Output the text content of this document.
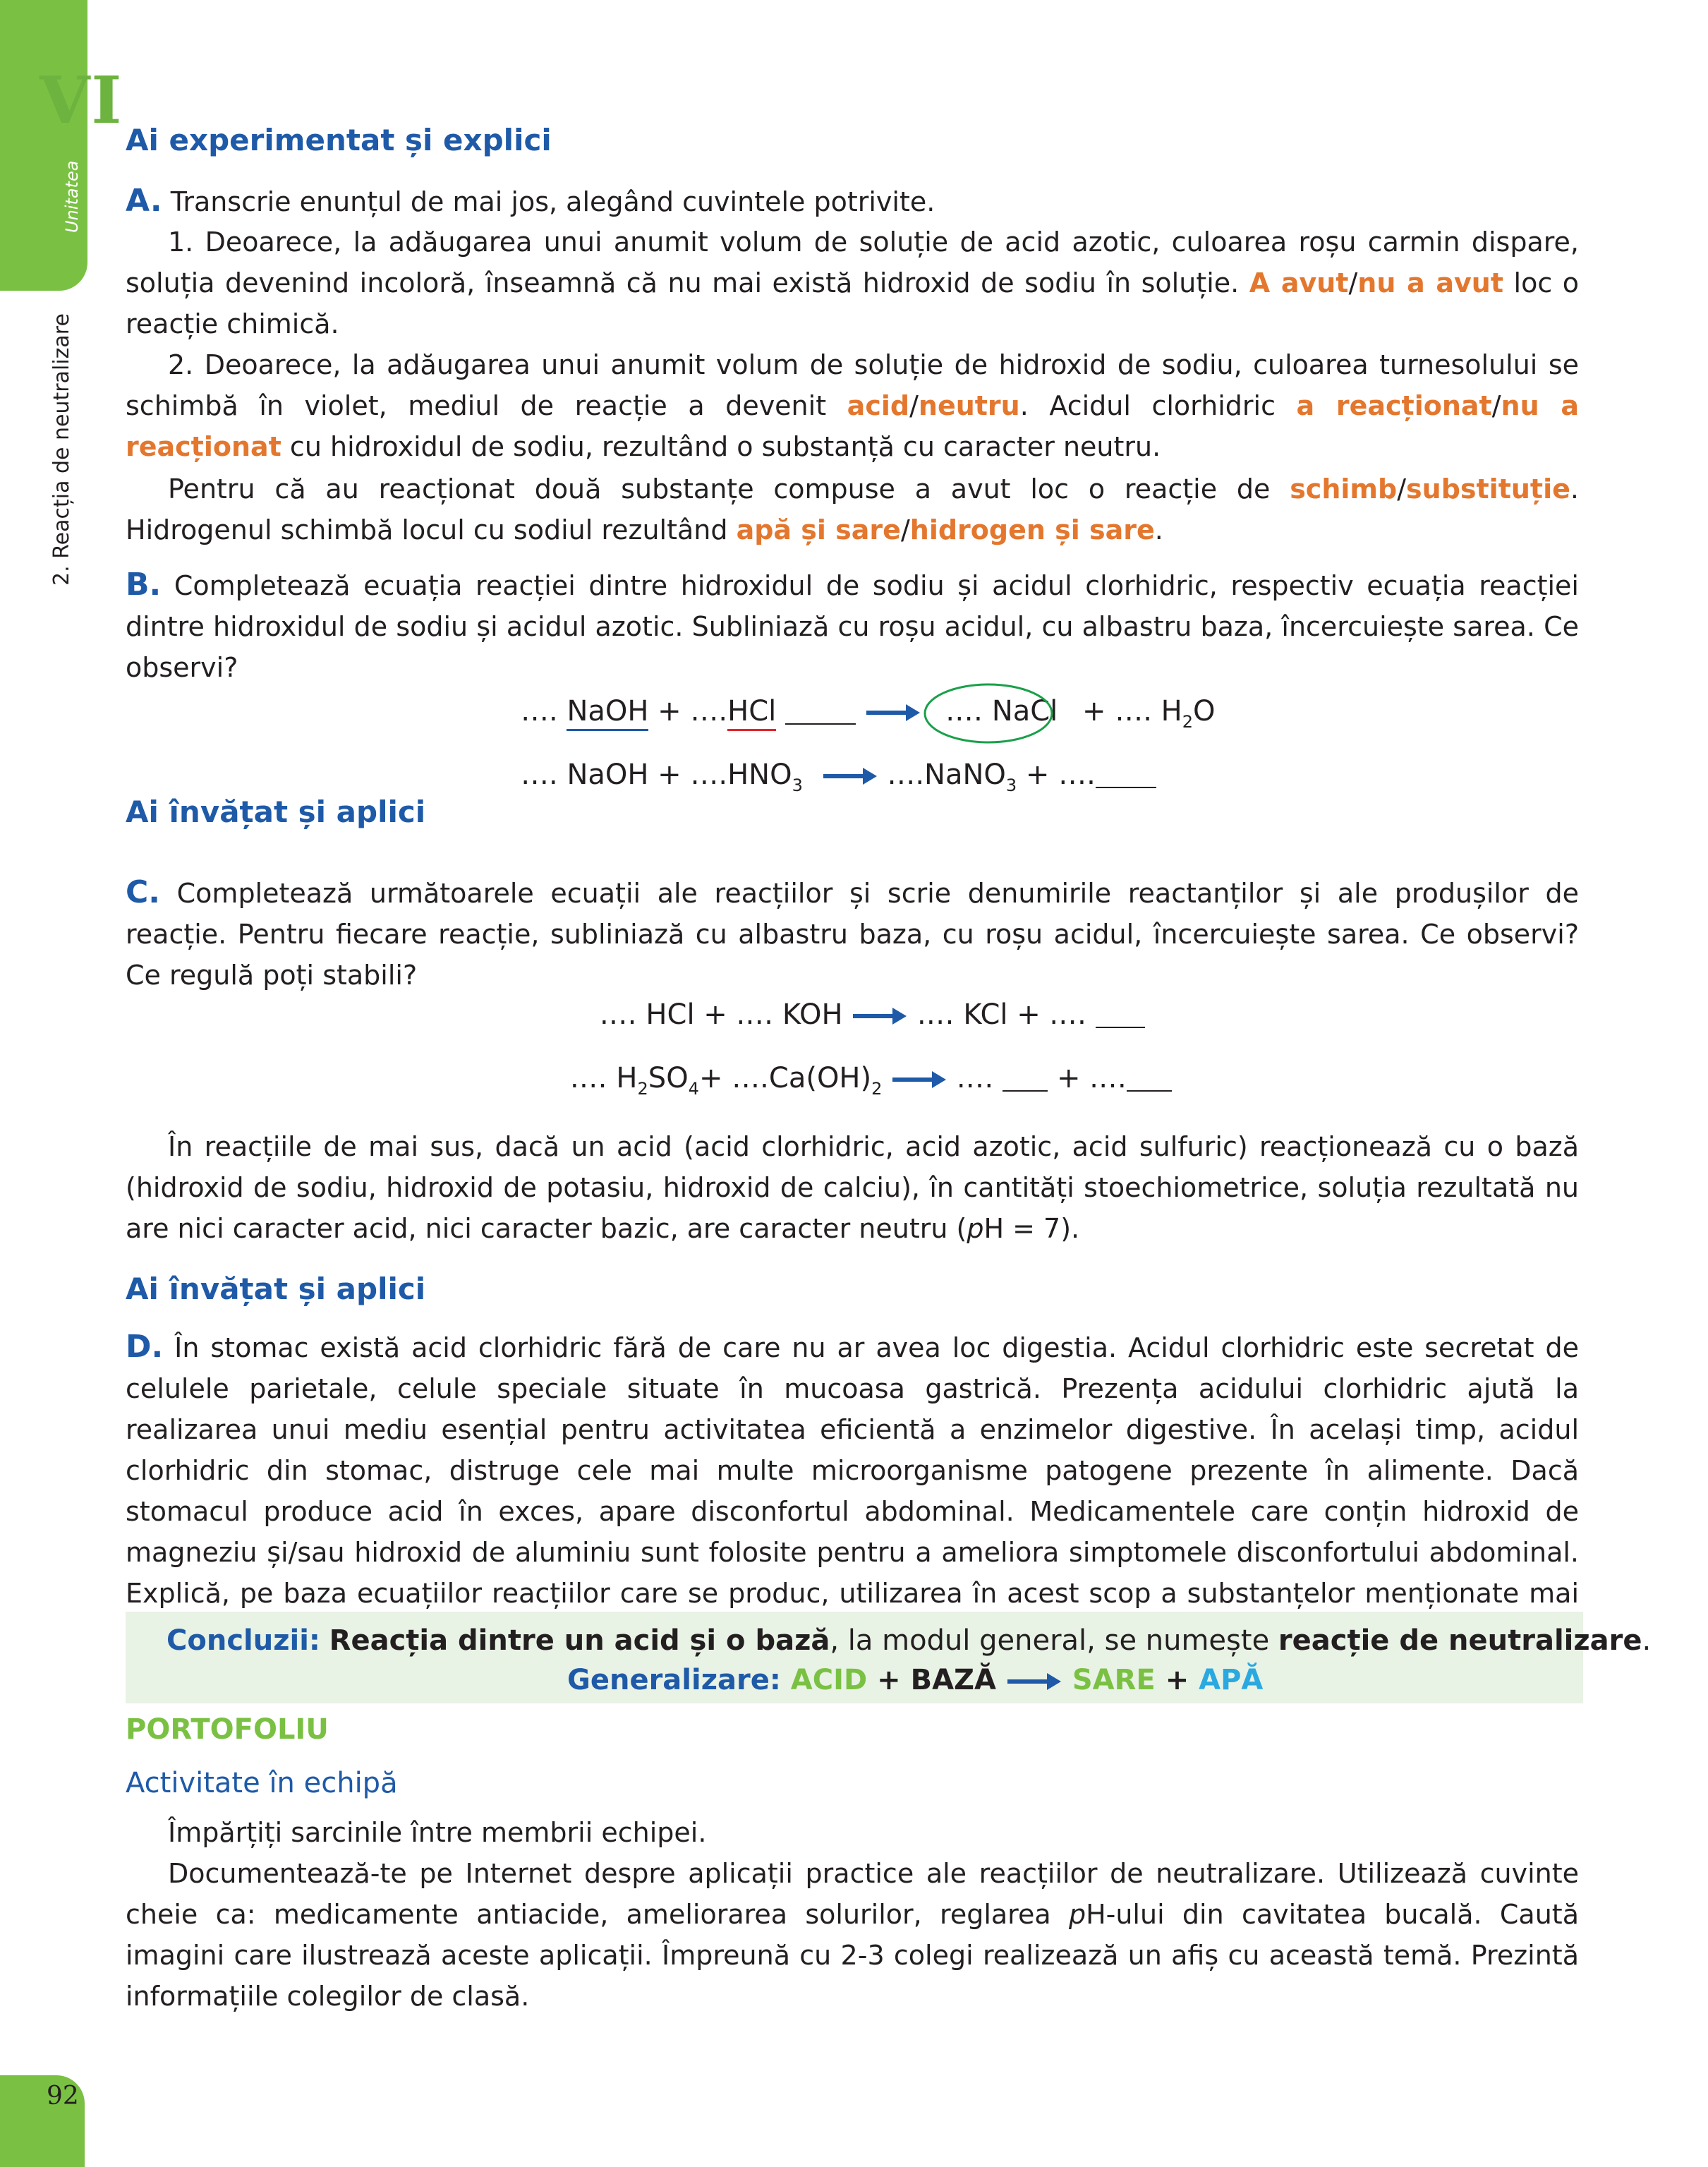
VI
Unitatea
2. Reacția de neutralizare
92
Ai experimentat și explici
A. Transcrie enunțul de mai jos, alegând cuvintele potrivite.
1. Deoarece, la adăugarea unui anumit volum de soluție de acid azotic, culoarea roșu carmin dispare, soluția devenind incoloră, înseamnă că nu mai există hidroxid de sodiu în soluție. A avut/nu a avut loc o reacție chimică.
2. Deoarece, la adăugarea unui anumit volum de soluție de hidroxid de sodiu, culoarea turnesolului se schimbă în violet, mediul de reacție a devenit acid/neutru. Acidul clorhidric a reacționat/nu a reacționat cu hidroxidul de sodiu, rezultând o substanță cu caracter neutru.
Pentru că au reacționat două substanțe compuse a avut loc o reacție de schimb/substituție. Hidrogenul schimbă locul cu sodiul rezultând apă și sare/hidrogen și sare.
B. Completează ecuația reacției dintre hidroxidul de sodiu și acidul clorhidric, respectiv ecuația reacției dintre hidroxidul de sodiu și acidul azotic. Subliniază cu roșu acidul, cu albastru baza, încercuiește sarea. Ce observi?
…. NaOH + ….HCl	→ .… NaCl + …. $H_2O$
…. NaOH + $\dots.HNO_3$ → ….NaNO$_3$ + ….
Ai învățat și aplici
C. Completează următoarele ecuații ale reacțiilor și scrie denumirile reactanților și ale produșilor de reacție. Pentru fiecare reacție, subliniază cu albastru baza, cu roșu acidul, încercuiește sarea. Ce observi? Ce regulă poți stabili?
.… HCl + .… KOH → .… KCl + .…
.… $H_2SO_4+$ $\dots.Ca(OH)_2$ → .…  + .…
În reacțiile de mai sus, dacă un acid (acid clorhidric, acid azotic, acid sulfuric) reacționează cu o bază (hidroxid de sodiu, hidroxid de potasiu, hidroxid de calciu), în cantități stoechiometrice, soluția rezultată nu are nici caracter acid, nici caracter bazic, are caracter neutru (pH = 7).
Ai învățat și aplici
D. În stomac există acid clorhidric fără de care nu ar avea loc digestia. Acidul clorhidric este secretat de celulele parietale, celule speciale situate în mucoasa gastrică. Prezența acidului clorhidric ajută la realizarea unui mediu esențial pentru activitatea eficientă a enzimelor digestive. În același timp, acidul clorhidric din stomac, distruge cele mai multe microorganisme patogene prezente în alimente. Dacă stomacul produce acid în exces, apare disconfortul abdominal. Medicamentele care conțin hidroxid de magneziu și/sau hidroxid de aluminiu sunt folosite pentru a ameliora simptomele disconfortului abdominal. Explică, pe baza ecuațiilor reacțiilor care se produc, utilizarea în acest scop a substanțelor menționate mai
Concluzii: Reacția dintre un acid și o bază, la modul general, se numește reacție de neutralizare.
Generalizare: ACID + BAZĂ → SARE + APĂ
PORTOFOLIU
Activitate în echipă
Împărțiți sarcinile între membrii echipei.
Documentează-te pe Internet despre aplicații practice ale reacțiilor de neutralizare. Utilizează cuvinte cheie ca: medicamente antiacide, ameliorarea solurilor, reglarea pH-ului din cavitatea bucală. Caută imagini care ilustrează aceste aplicații. Împreună cu 2-3 colegi realizează un afiș cu această temă. Prezintă informațiile colegilor de clasă.
